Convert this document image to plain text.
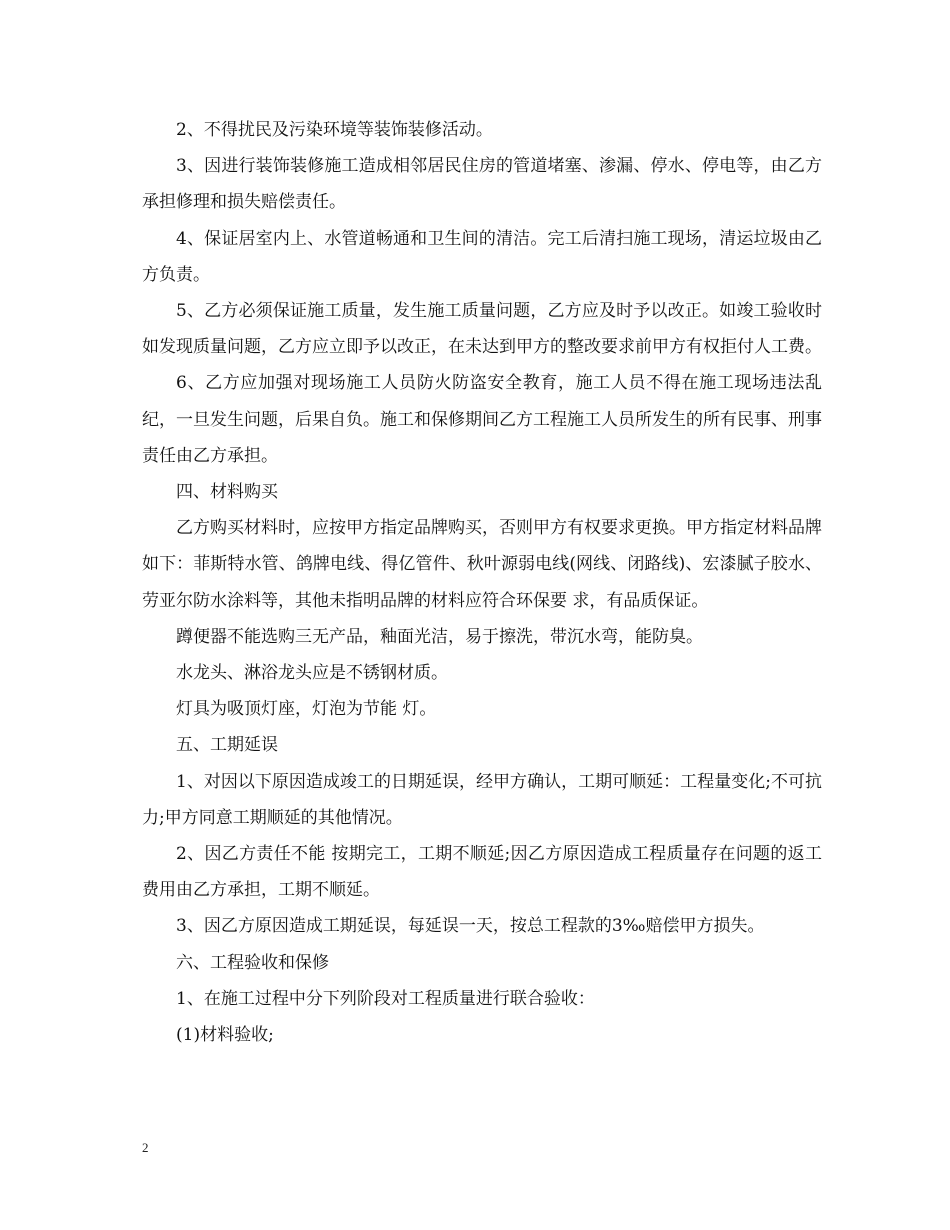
2、不得扰民及污染环境等装饰装修活动。

3、因进行装饰装修施工造成相邻居民住房的管道堵塞、渗漏、停水、停电等，由乙方承担修理和损失赔偿责任。

4、保证居室内上、水管道畅通和卫生间的清洁。完工后清扫施工现场，清运垃圾由乙方负责。

5、乙方必须保证施工质量，发生施工质量问题，乙方应及时予以改正。如竣工验收时如发现质量问题，乙方应立即予以改正，在未达到甲方的整改要求前甲方有权拒付人工费。

6、乙方应加强对现场施工人员防火防盗安全教育，施工人员不得在施工现场违法乱纪，一旦发生问题，后果自负。施工和保修期间乙方工程施工人员所发生的所有民事、刑事责任由乙方承担。

四、材料购买

乙方购买材料时，应按甲方指定品牌购买，否则甲方有权要求更换。甲方指定材料品牌如下：菲斯特水管、鸽牌电线、得亿管件、秋叶源弱电线(网线、闭路线)、宏漆腻子胶水、劳亚尔防水涂料等，其他未指明品牌的材料应符合环保要 求，有品质保证。

蹲便器不能选购三无产品，釉面光洁，易于擦洗，带沉水弯，能防臭。

水龙头、淋浴龙头应是不锈钢材质。

灯具为吸顶灯座，灯泡为节能 灯。

五、工期延误

1、对因以下原因造成竣工的日期延误，经甲方确认，工期可顺延：工程量变化;不可抗力;甲方同意工期顺延的其他情况。

2、因乙方责任不能 按期完工，工期不顺延;因乙方原因造成工程质量存在问题的返工费用由乙方承担，工期不顺延。

3、因乙方原因造成工期延误，每延误一天，按总工程款的3‰赔偿甲方损失。

六、工程验收和保修

1、在施工过程中分下列阶段对工程质量进行联合验收：

(1)材料验收;

2
